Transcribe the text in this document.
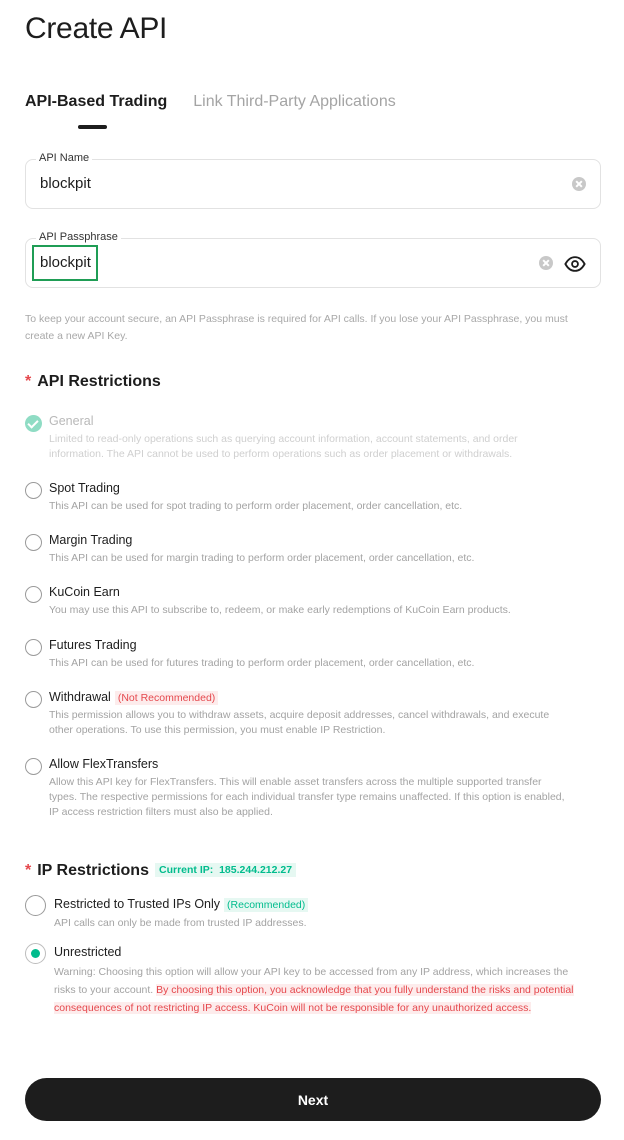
Create API
API-Based Trading Link Third-Party Applications
API Name
blockpit
API Passphrase
blockpit

To keep your account secure, an API Passphrase is required for API calls. If you lose your API Passphrase, you must create a new API Key.

* API Restrictions
General
Limited to read-only operations such as querying account information, account statements, and order information. The API cannot be used to perform operations such as order placement or withdrawals.
Spot Trading
This API can be used for spot trading to perform order placement, order cancellation, etc.
Margin Trading
This API can be used for margin trading to perform order placement, order cancellation, etc.
KuCoin Earn
You may use this API to subscribe to, redeem, or make early redemptions of KuCoin Earn products.
Futures Trading
This API can be used for futures trading to perform order placement, order cancellation, etc.
Withdrawal (Not Recommended)
This permission allows you to withdraw assets, acquire deposit addresses, cancel withdrawals, and execute other operations. To use this permission, you must enable IP Restriction.
Allow FlexTransfers
Allow this API key for FlexTransfers. This will enable asset transfers across the multiple supported transfer types. The respective permissions for each individual transfer type remains unaffected. If this option is enabled, IP access restriction filters must also be applied.
* IP Restrictions Current IP: 185.244.212.27
Restricted to Trusted IPs Only (Recommended)
API calls can only be made from trusted IP addresses.
Unrestricted

Warning: Choosing this option will allow your API key to be accessed from any IP address, which increases the risks to your account. By choosing this option, you acknowledge that you fully understand the risks and potential consequences of not restricting IP access. KuCoin will not be responsible for any unauthorized access.

Next
